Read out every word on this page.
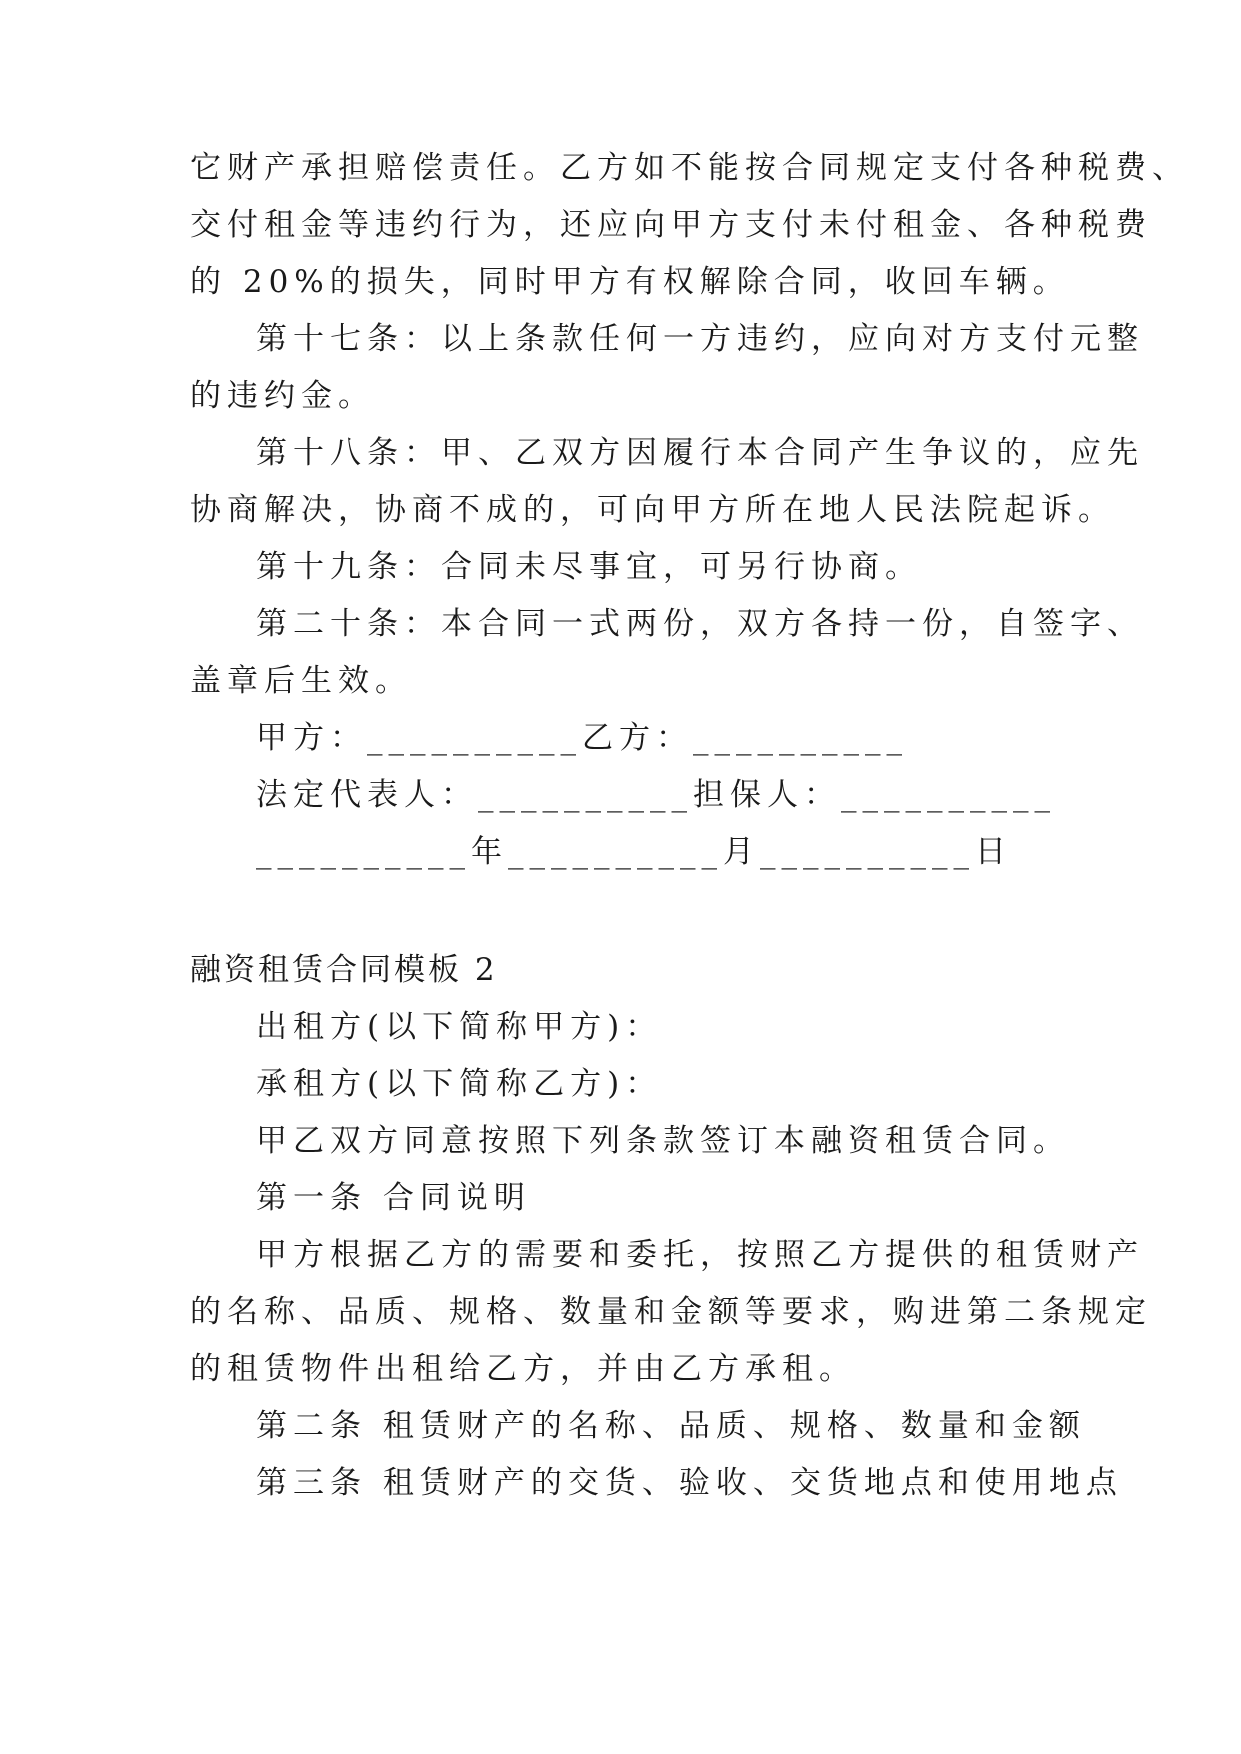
它财产承担赔偿责任。乙方如不能按合同规定支付各种税费、
交付租金等违约行为，还应向甲方支付未付租金、各种税费
的 20%的损失，同时甲方有权解除合同，收回车辆。
第十七条：以上条款任何一方违约，应向对方支付元整
的违约金。
第十八条：甲、乙双方因履行本合同产生争议的，应先
协商解决，协商不成的，可向甲方所在地人民法院起诉。
第十九条：合同未尽事宜，可另行协商。
第二十条：本合同一式两份，双方各持一份，自签字、
盖章后生效。
甲方：__________乙方：__________
法定代表人：__________担保人：__________
__________年__________月__________日
融资租赁合同模板 2
出租方(以下简称甲方)：
承租方(以下简称乙方)：
甲乙双方同意按照下列条款签订本融资租赁合同。
第一条 合同说明
甲方根据乙方的需要和委托，按照乙方提供的租赁财产
的名称、品质、规格、数量和金额等要求，购进第二条规定
的租赁物件出租给乙方，并由乙方承租。
第二条 租赁财产的名称、品质、规格、数量和金额
第三条 租赁财产的交货、验收、交货地点和使用地点
